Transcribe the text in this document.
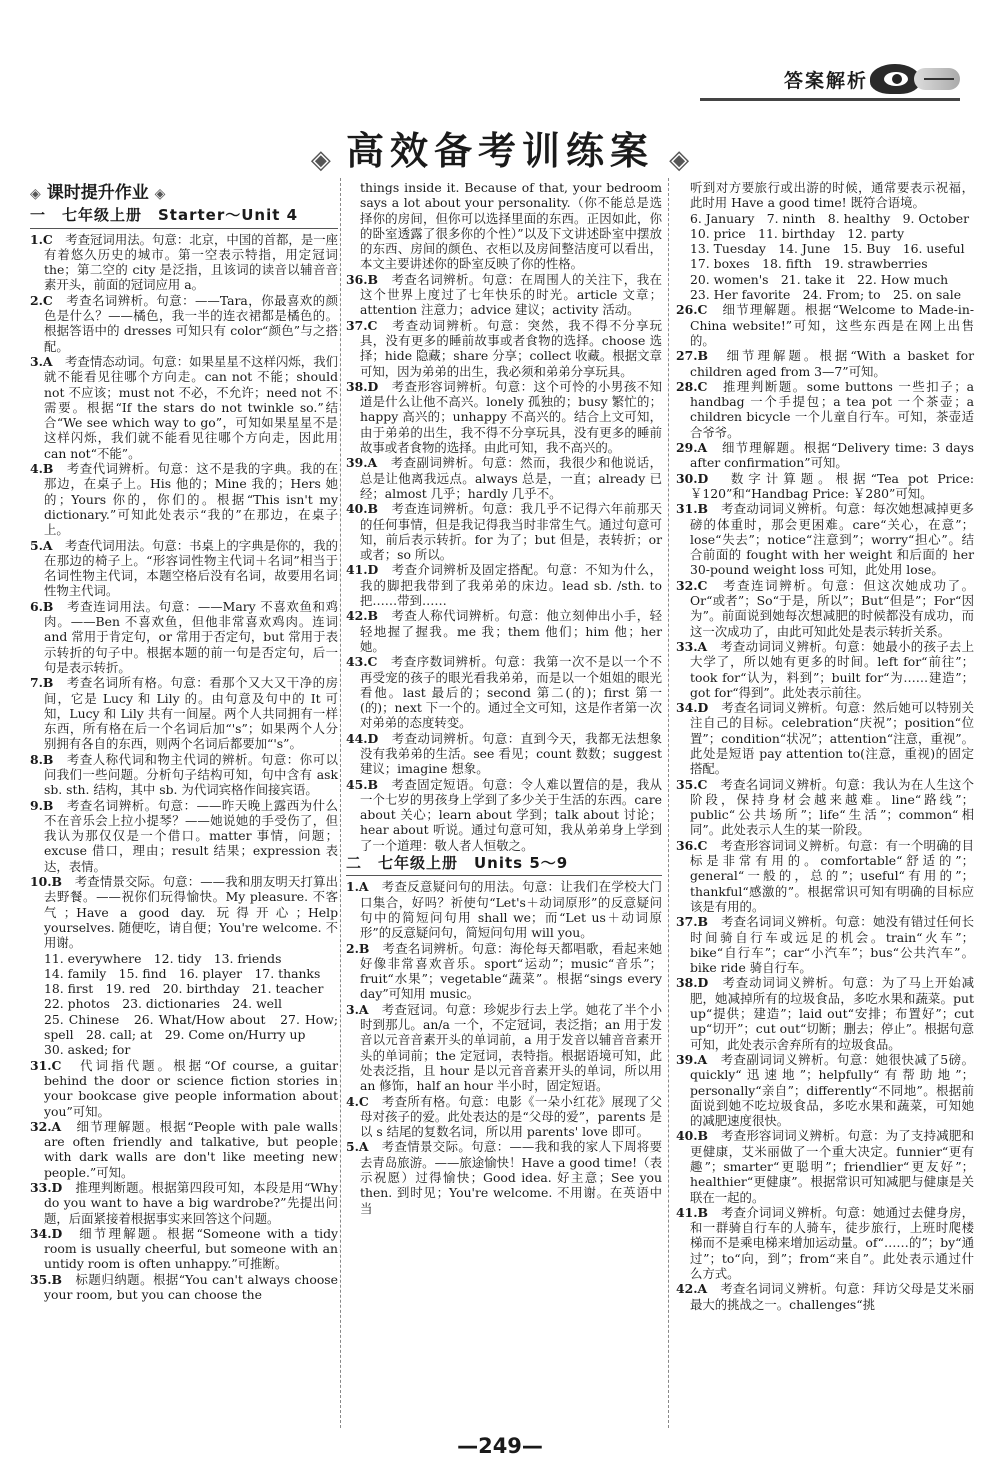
答案解析
◈ 高效备考训练案 ◈
◈ 课时提升作业 ◈
一　七年级上册　Starter～Unit 4

1.C　 考查冠词用法。句意：北京，中国的首都，是一座有着悠久历史的城市。第一空表示特指，用定冠词 the；第二空的 city 是泛指，且该词的读音以辅音音素开头，前面的冠词应用 a。

2.C　 考查名词辨析。句意：——Tara，你最喜欢的颜色是什么？——橘色，我一半的连衣裙都是橘色的。根据答语中的 dresses 可知只有 color“颜色”与之搭配。

3.A　 考查情态动词。句意：如果星星不这样闪烁，我们就不能看见往哪个方向走。can not 不能；should not 不应该；must not 不必，不允许；need not 不需要。根据“If the stars do not twinkle so.”结合“We see which way to go”，可知如果星星不是这样闪烁，我们就不能看见往哪个方向走，因此用 can not“不能”。

4.B　 考查代词辨析。句意：这不是我的字典。我的在那边，在桌子上。His 他的；Mine 我的；Hers 她的；Yours 你的，你们的。根据“This isn't my dictionary.”可知此处表示“我的”在那边，在桌子上。

5.A　 考查代词用法。句意：书桌上的字典是你的，我的在那边的椅子上。“形容词性物主代词＋名词”相当于名词性物主代词，本题空格后没有名词，故要用名词性物主代词。

6.B　 考查连词用法。句意：——Mary 不喜欢鱼和鸡肉。——Ben 不喜欢鱼，但他非常喜欢鸡肉。连词 and 常用于肯定句，or 常用于否定句，but 常用于表示转折的句子中。根据本题的前一句是否定句，后一句是表示转折。

7.B　 考查名词所有格。句意：看那个又大又干净的房间，它是 Lucy 和 Lily 的。由句意及句中的 It 可知，Lucy 和 Lily 共有一间屋。两个人共同拥有一样东西，所有格在后一个名词后加“'s”；如果两个人分别拥有各自的东西，则两个名词后都要加“'s”。

8.B　 考查人称代词和物主代词的辨析。句意：你可以问我们一些问题。分析句子结构可知，句中含有 ask sb. sth. 结构，其中 sb. 为代词宾格作间接宾语。

9.B　 考查名词辨析。句意：——昨天晚上露西为什么不在音乐会上拉小提琴？——她说她的手受伤了，但我认为那仅仅是一个借口。matter 事情，问题；excuse 借口，理由；result 结果；expression 表达，表情。

10.B　 考查情景交际。句意：——我和朋友明天打算出去野餐。——祝你们玩得愉快。My pleasure. 不客气；Have a good day. 玩得开心；Help yourselves. 随便吃，请自便；You're welcome. 不用谢。

11. everywhere　12. tidy　13. friends

14. family　15. find　16. player　17. thanks

18. first　19. red　20. birthday　21. teacher

22. photos　23. dictionaries　24. well

25. Chinese　26. What/How about　27. How; spell　28. call; at　29. Come on/Hurry up

30. asked; for

31.C　 代词指代题。根据“Of course, a guitar behind the door or science fiction stories in your bookcase give people information about you”可知。

32.A　 细节理解题。根据“People with pale walls are often friendly and talkative, but people with dark walls are don't like meeting new people.”可知。

33.D　 推理判断题。根据第四段可知，本段是用“Why do you want to have a big wardrobe?”先提出问题，后面紧接着根据事实来回答这个问题。

34.D　 细节理解题。根据“Someone with a tidy room is usually cheerful, but someone with an untidy room is often unhappy.”可推断。

35.B　 标题归纳题。根据“You can't always choose your room, but you can choose the

things inside it. Because of that, your bedroom says a lot about your personality.（你不能总是选择你的房间，但你可以选择里面的东西。正因如此，你的卧室透露了很多你的个性）”以及下文讲述卧室中摆放的东西、房间的颜色、衣柜以及房间整洁度可以看出，本文主要讲述你的卧室反映了你的性格。

36.B　 考查名词辨析。句意：在周围人的关注下，我在这个世界上度过了七年快乐的时光。article 文章；attention 注意力；advice 建议；activity 活动。

37.C　 考查动词辨析。句意：突然，我不得不分享玩具，没有更多的睡前故事或者食物的选择。choose 选择；hide 隐藏；share 分享；collect 收藏。根据文章可知，因为弟弟的出生，我必须和弟弟分享玩具。

38.D　 考查形容词辨析。句意：这个可怜的小男孩不知道是什么让他不高兴。lonely 孤独的；busy 繁忙的；happy 高兴的；unhappy 不高兴的。结合上文可知，由于弟弟的出生，我不得不分享玩具，没有更多的睡前故事或者食物的选择。由此可知，我不高兴的。

39.A　 考查副词辨析。句意：然而，我很少和他说话，总是让他离我远点。always 总是，一直；already 已经；almost 几乎；hardly 几乎不。

40.B　 考查连词辨析。句意：我几乎不记得六年前那天的任何事情，但是我记得我当时非常生气。通过句意可知，前后表示转折。for 为了；but 但是，表转折；or 或者；so 所以。

41.D　 考查介词辨析及固定搭配。句意：不知为什么，我的脚把我带到了我弟弟的床边。lead sb. /sth. to 把……带到……

42.B　 考查人称代词辨析。句意：他立刻伸出小手，轻轻地握了握我。me 我；them 他们；him 他；her 她。

43.C　 考查序数词辨析。句意：我第一次不是以一个不再受宠的孩子的眼光看我弟弟，而是以一个姐姐的眼光看他。last 最后的；second 第二(的)；first 第一(的)；next 下一个的。通过全文可知，这是作者第一次对弟弟的态度转变。

44.D　 考查动词辨析。句意：直到今天，我都无法想象没有我弟弟的生活。see 看见；count 数数；suggest 建议；imagine 想象。

45.B　 考查固定短语。句意：令人难以置信的是，我从一个七岁的男孩身上学到了多少关于生活的东西。care about 关心；learn about 学到；talk about 讨论；hear about 听说。通过句意可知，我从弟弟身上学到了一个道理：敬人者人恒敬之。

二　七年级上册　Units 5～9

1.A　 考查反意疑问句的用法。句意：让我们在学校大门口集合，好吗？祈使句“Let's＋动词原形”的反意疑问句中的简短问句用 shall we；而“Let us＋动词原形”的反意疑问句，简短问句用 will you。

2.B　 考查名词辨析。句意：海伦每天都唱歌，看起来她好像非常喜欢音乐。sport“运动”；music“音乐”；fruit“水果”；vegetable“蔬菜”。根据“sings every day”可知用 music。

3.A　 考查冠词。句意：珍妮步行去上学。她花了半个小时到那儿。an/a 一个，不定冠词，表泛指；an 用于发音以元音音素开头的单词前，a 用于发音以辅音音素开头的单词前；the 定冠词，表特指。根据语境可知，此处表泛指，且 hour 是以元音音素开头的单词，所以用 an 修饰，half an hour 半小时，固定短语。

4.C　 考查所有格。句意：电影《一朵小红花》展现了父母对孩子的爱。此处表达的是“父母的爱”，parents 是以 s 结尾的复数名词，所以用 parents' love 即可。

5.A　 考查情景交际。句意：——我和我的家人下周将要去青岛旅游。——旅途愉快！Have a good time!（表示祝愿）过得愉快；Good idea. 好主意；See you then. 到时见；You're welcome. 不用谢。在英语中当

听到对方要旅行或出游的时候，通常要表示祝福，此时用 Have a good time! 既符合语境。

6. January　7. ninth　8. healthy　9. October

10. price　11. birthday　12. party

13. Tuesday　14. June　15. Buy　16. useful

17. boxes　18. fifth　19. strawberries

20. women's　21. take it　22. How much

23. Her favorite　24. From; to　25. on sale

26.C　 细节理解题。根据“Welcome to Made-in-China website!”可知，这些东西是在网上出售的。

27.B　 细节理解题。根据“With a basket for children aged from 3—7”可知。

28.C　 推理判断题。some buttons 一些扣子；a handbag 一个手提包；a tea pot 一个茶壶；a children bicycle 一个儿童自行车。可知，茶壶适合爷爷。

29.A　 细节理解题。根据“Delivery time: 3 days after confirmation”可知。

30.D　 数字计算题。根据“Tea pot Price: ￥120”和“Handbag Price: ￥280”可知。

31.B　 考查动词词义辨析。句意：每次她想减掉更多磅的体重时，那会更困难。care“关心，在意”；lose“失去”；notice“注意到”；worry“担心”。结合前面的 fought with her weight 和后面的 her 30-pound weight loss 可知，此处用 lose。

32.C　 考查连词辨析。句意：但这次她成功了。Or“或者”；So“于是，所以”；But“但是”；For“因为”。前面说到她每次想减肥的时候都没有成功，而这一次成功了，由此可知此处是表示转折关系。

33.A　 考查动词词义辨析。句意：她最小的孩子去上大学了，所以她有更多的时间。left for“前往”；took for“认为，料到”；built for“为……建造”；got for“得到”。此处表示前往。

34.D　 考查名词词义辨析。句意：然后她可以特别关注自己的目标。celebration“庆祝”；position“位置”；condition“状况”；attention“注意，重视”。此处是短语 pay attention to(注意，重视)的固定搭配。

35.C　 考查名词词义辨析。句意：我认为在人生这个阶段，保持身材会越来越难。line“路线”；public“公共场所”；life“生活”；common“相同”。此处表示人生的某一阶段。

36.C　 考查形容词词义辨析。句意：有一个明确的目标是非常有用的。comfortable“舒适的”；general“一般的，总的”；useful“有用的”；thankful“感激的”。根据常识可知有明确的目标应该是有用的。

37.B　 考查名词词义辨析。句意：她没有错过任何长时间骑自行车或远足的机会。train“火车”；bike“自行车”；car“小汽车”；bus“公共汽车”。bike ride 骑自行车。

38.D　 考查动词词义辨析。句意：为了马上开始减肥，她减掉所有的垃圾食品，多吃水果和蔬菜。put up“提供；建造”；laid out“安排；布置好”；cut up“切开”；cut out“切断；删去；停止”。根据句意可知，此处表示舍弃所有的垃圾食品。

39.A　 考查副词词义辨析。句意：她很快减了5磅。quickly“迅速地”；helpfully“有帮助地”；personally“亲自”；differently“不同地”。根据前面说到她不吃垃圾食品，多吃水果和蔬菜，可知她的减肥速度很快。

40.B　 考查形容词词义辨析。句意：为了支持减肥和更健康，艾米丽做了一个重大决定。funnier“更有趣”；smarter“更聪明”；friendlier“更友好”；healthier“更健康”。根据常识可知减肥与健康是关联在一起的。

41.B　 考查介词词义辨析。句意：她通过去健身房，和一群骑自行车的人骑车，徒步旅行，上班时爬楼梯而不是乘电梯来增加运动量。of“……的”；by“通过”；to“向，到”；from“来自”。此处表示通过什么方式。

42.A　 考查名词词义辨析。句意：拜访父母是艾米丽最大的挑战之一。challenges“挑

—249—
